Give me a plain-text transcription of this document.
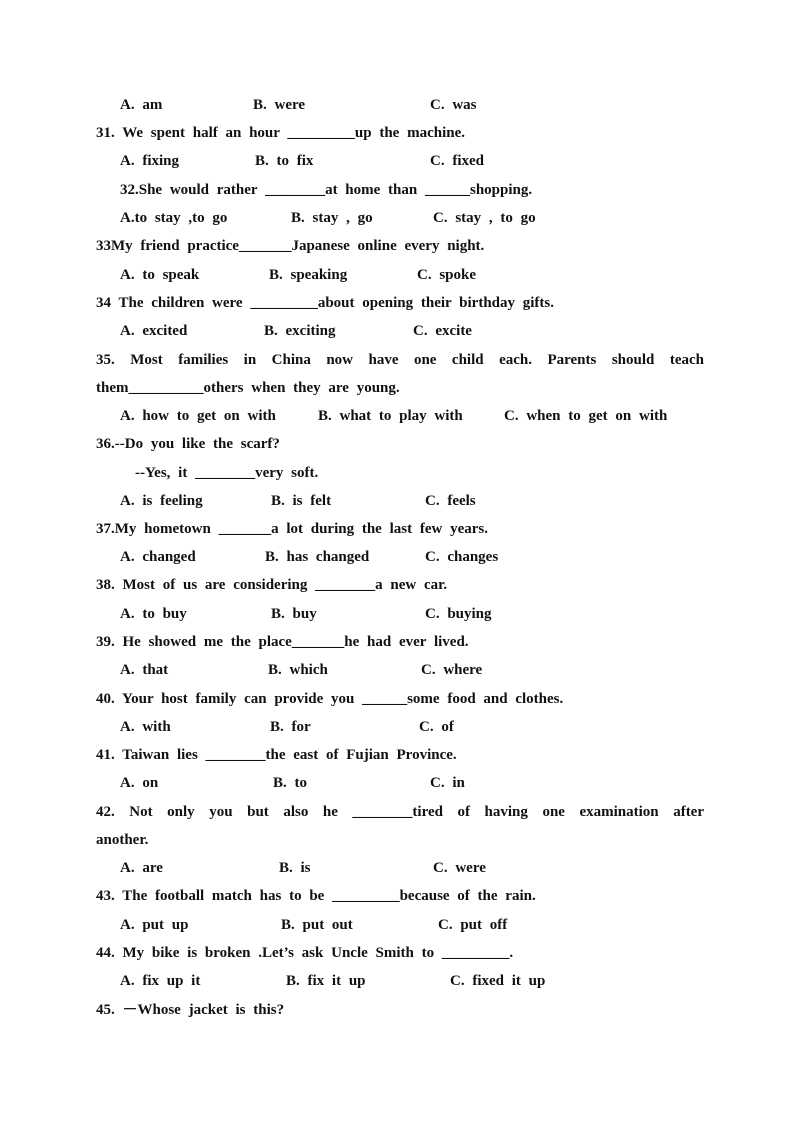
A. am	B. were	C. was
31. We spent half an hour _________up the machine.
A. fixing	B. to fix	C. fixed
32.She would rather ________at home than ______shopping.
A.to stay ,to go	B. stay , go	C. stay , to go
33My friend practice_______Japanese online every night.
A. to speak	B. speaking	C. spoke
34 The children were _________about opening their birthday gifts.
A. excited	B. exciting	C. excite
35. Most families in China now have one child each. Parents should teach
them__________others when they are young.
A. how to get on with	B. what to play with	C. when to get on with
36.--Do you like the scarf?
--Yes, it ________very soft.
A. is feeling	B. is felt	C. feels
37.My hometown _______a lot during the last few years.
A. changed	B. has changed	C. changes
38. Most of us are considering ________a new car.
A. to buy	B. buy	C. buying
39. He showed me the place_______he had ever lived.
A. that	B. which	C. where
40. Your host family can provide you ______some food and clothes.
A. with	B. for	C. of
41. Taiwan lies ________the east of Fujian Province.
A. on	B. to	C. in
42. Not only you but also he ________tired of having one examination after
another.
A. are	B. is	C. were
43. The football match has to be _________because of the rain.
A. put up	B. put out	C. put off
44. My bike is broken .Let’s ask Uncle Smith to _________.
A. fix up it	B. fix it up	C. fixed it up
45. －Whose jacket is this?
